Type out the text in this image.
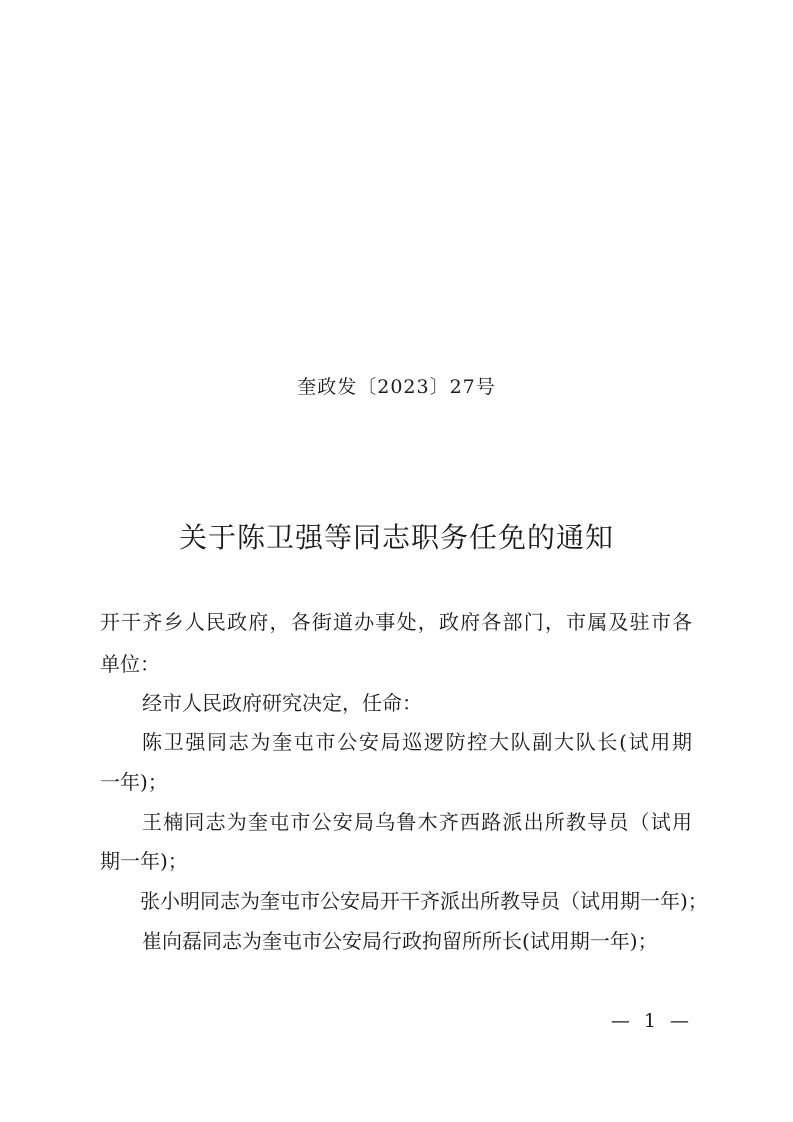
奎政发〔2023〕27号
关于陈卫强等同志职务任免的通知
开干齐乡人民政府，各街道办事处，政府各部门，市属及驻市各
单位：
经市人民政府研究决定，任命：
陈卫强同志为奎屯市公安局巡逻防控大队副大队长(试用期
一年)；
王楠同志为奎屯市公安局乌鲁木齐西路派出所教导员（试用
期一年)；
张小明同志为奎屯市公安局开干齐派出所教导员（试用期一年)；
崔向磊同志为奎屯市公安局行政拘留所所长(试用期一年)；
— 1 —
